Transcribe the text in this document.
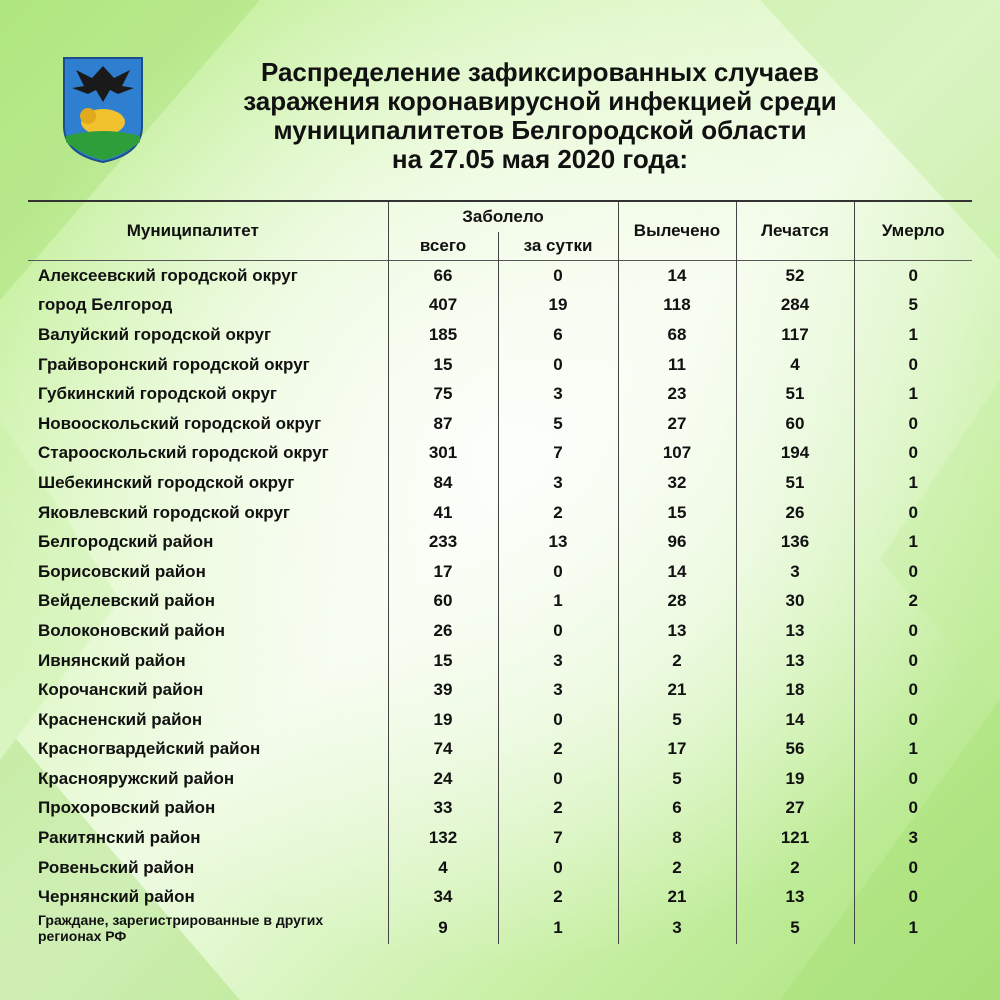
Распределение зафиксированных случаев
заражения коронавирусной инфекцией среди
муниципалитетов Белгородской области
на 27.05 мая 2020 года:
Муниципалитет	Заболело		Вылечено	Лечатся	Умерло
	всего	за сутки			
Алексеевский городской округ	66	0	14	52	0
город Белгород	407	19	118	284	5
Валуйский городской округ	185	6	68	117	1
Грайворонский городской округ	15	0	11	4	0
Губкинский городской округ	75	3	23	51	1
Новооскольский городской округ	87	5	27	60	0
Старооскольский городской округ	301	7	107	194	0
Шебекинский городской округ	84	3	32	51	1
Яковлевский городской округ	41	2	15	26	0
Белгородский район	233	13	96	136	1
Борисовский район	17	0	14	3	0
Вейделевский район	60	1	28	30	2
Волоконовский район	26	0	13	13	0
Ивнянский район	15	3	2	13	0
Корочанский район	39	3	21	18	0
Красненский район	19	0	5	14	0
Красногвардейский район	74	2	17	56	1
Краснояружский район	24	0	5	19	0
Прохоровский район	33	2	6	27	0
Ракитянский район	132	7	8	121	3
Ровеньский район	4	0	2	2	0
Чернянский район	34	2	21	13	0
Граждане, зарегистрированные в других регионах РФ	9	1	3	5	1
